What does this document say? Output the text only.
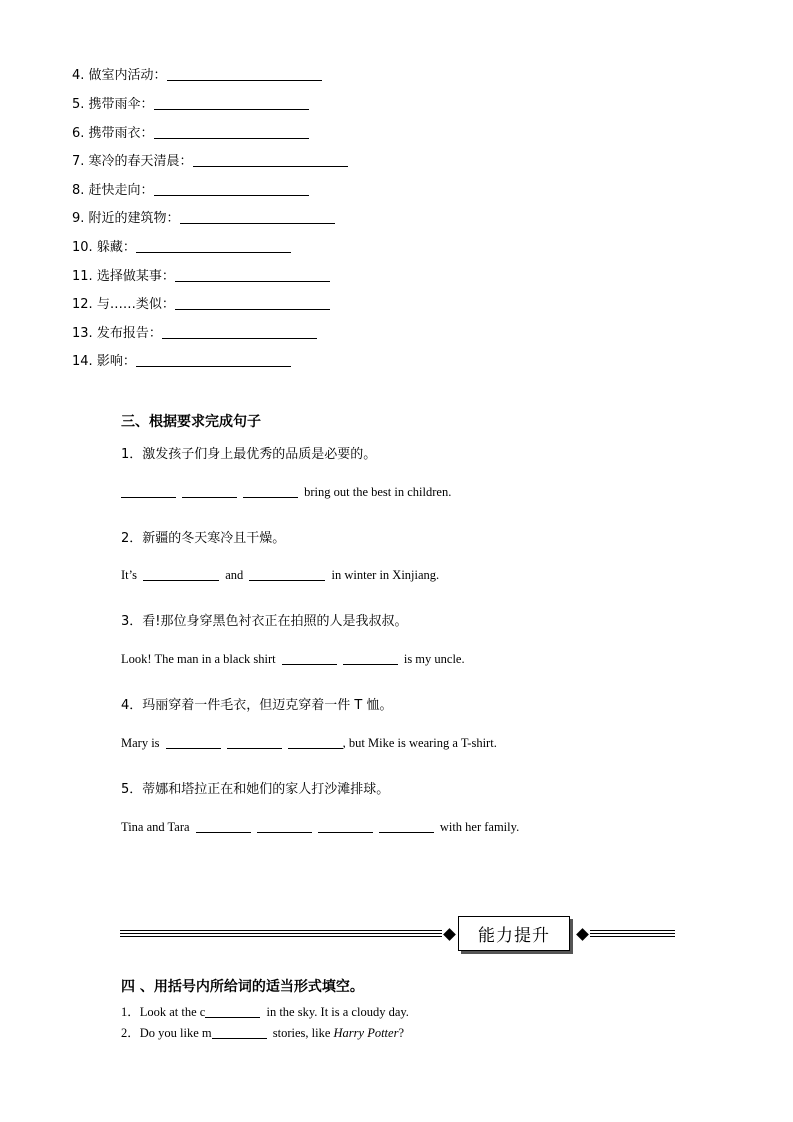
4. 做室内活动：
5. 携带雨伞：
6. 携带雨衣：
7. 寒冷的春天清晨：
8. 赶快走向：
9. 附近的建筑物：
10. 躲藏：
11. 选择做某事：
12. 与……类似：
13. 发布报告：
14. 影响：
三、根据要求完成句子
1．激发孩子们身上最优秀的品质是必要的。
bring out the best in children.
2．新疆的冬天寒冷且干燥。
It’s	and	in winter in Xinjiang.
3．看!那位身穿黑色衬衣正在拍照的人是我叔叔。
Look! The man in a black shirt	is my uncle.
4．玛丽穿着一件毛衣，但迈克穿着一件 T 恤。
Mary is	, but Mike is wearing a T-shirt.
5．蒂娜和塔拉正在和她们的家人打沙滩排球。
Tina and Tara	with her family.
能力提升
四 、用括号内所给词的适当形式填空。
1．Look at the c	in the sky. It is a cloudy day.
2．Do you like m	stories, like Harry Potter?
